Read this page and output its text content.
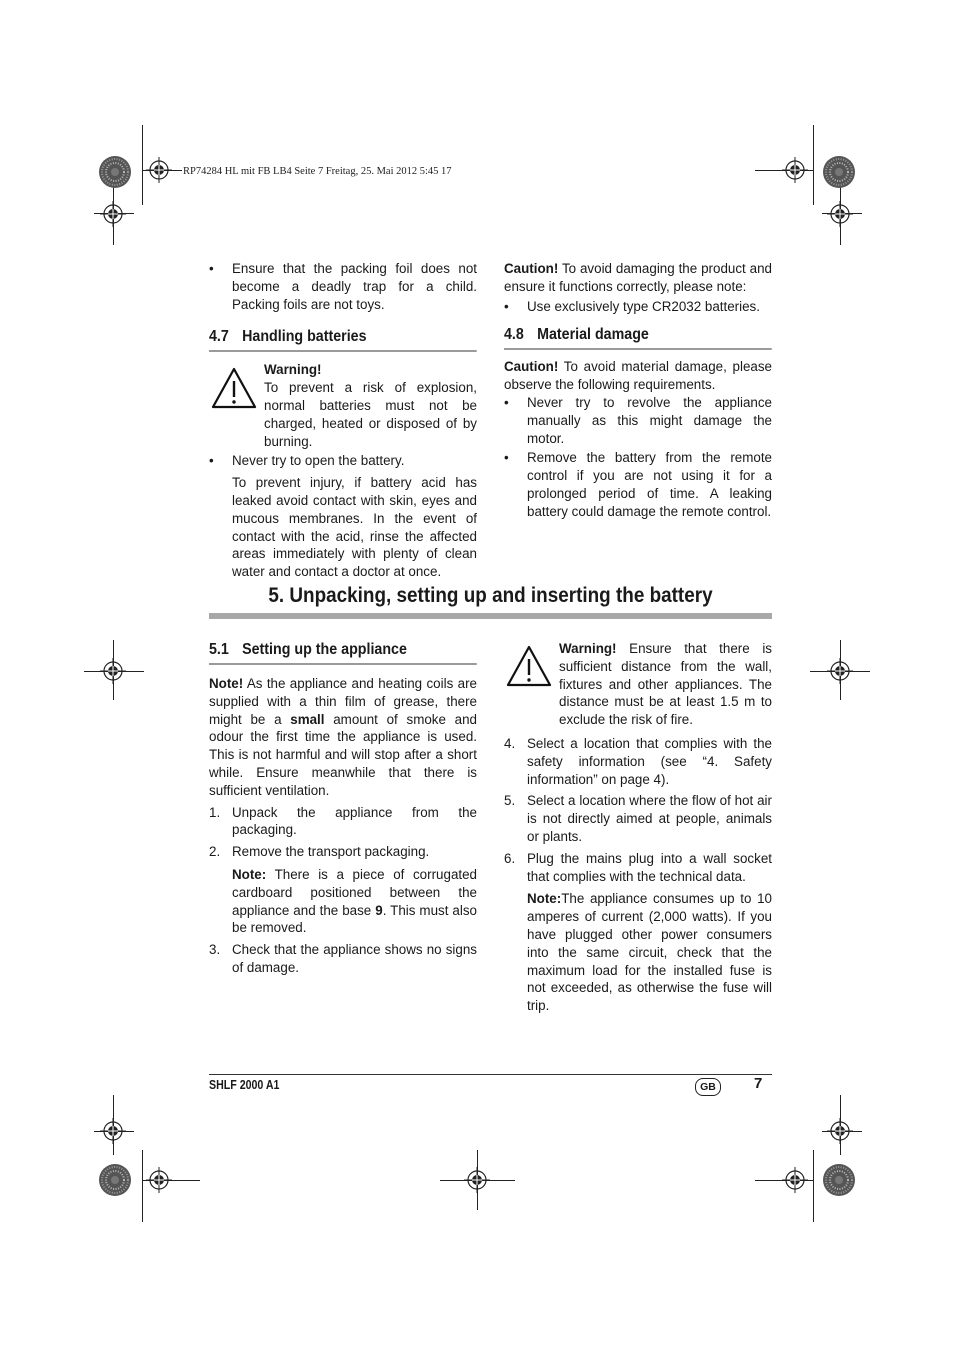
RP74284 HL mit FB LB4 Seite 7 Freitag, 25. Mai 2012 5:45 17
• Ensure that the packing foil does not become a deadly trap for a child. Packing foils are not toys.
4.7 Handling batteries

Warning!

To prevent a risk of explosion, normal batteries must not be charged, heated or disposed of by burning.

• Never try to open the battery.

To prevent injury, if battery acid has leaked avoid contact with skin, eyes and mucous membranes. In the event of contact with the acid, rinse the affected areas immediately with plenty of clean water and contact a doctor at once.

Caution! To avoid damaging the product and ensure it functions correctly, please note:

• Use exclusively type CR2032 batteries.
4.8 Material damage

Caution! To avoid material damage, please observe the following requirements.

• Never try to revolve the appliance manually as this might damage the motor.
• Remove the battery from the remote control if you are not using it for a prolonged period of time. A leaking battery could damage the remote control.
5. Unpacking, setting up and inserting the battery
5.1 Setting up the appliance

Note! As the appliance and heating coils are supplied with a thin film of grease, there might be a small amount of smoke and odour the first time the appliance is used. This is not harmful and will stop after a short while. Ensure meanwhile that there is sufficient ventilation.

1. Unpack the appliance from the packaging.
2. Remove the transport packaging.

Note: There is a piece of corrugated cardboard positioned between the appliance and the base 9. This must also be removed.

3. Check that the appliance shows no signs of damage.

Warning! Ensure that there is sufficient distance from the wall, fixtures and other appliances. The distance must be at least 1.5 m to exclude the risk of fire.

4. Select a location that complies with the safety information (see “4. Safety information” on page 4).
5. Select a location where the flow of hot air is not directly aimed at people, animals or plants.
6. Plug the mains plug into a wall socket that complies with the technical data.

Note:The appliance consumes up to 10 amperes of current (2,000 watts). If you have plugged other power consumers into the same circuit, check that the maximum load for the installed fuse is not exceeded, as otherwise the fuse will trip.

SHLF 2000 A1	GB	7
